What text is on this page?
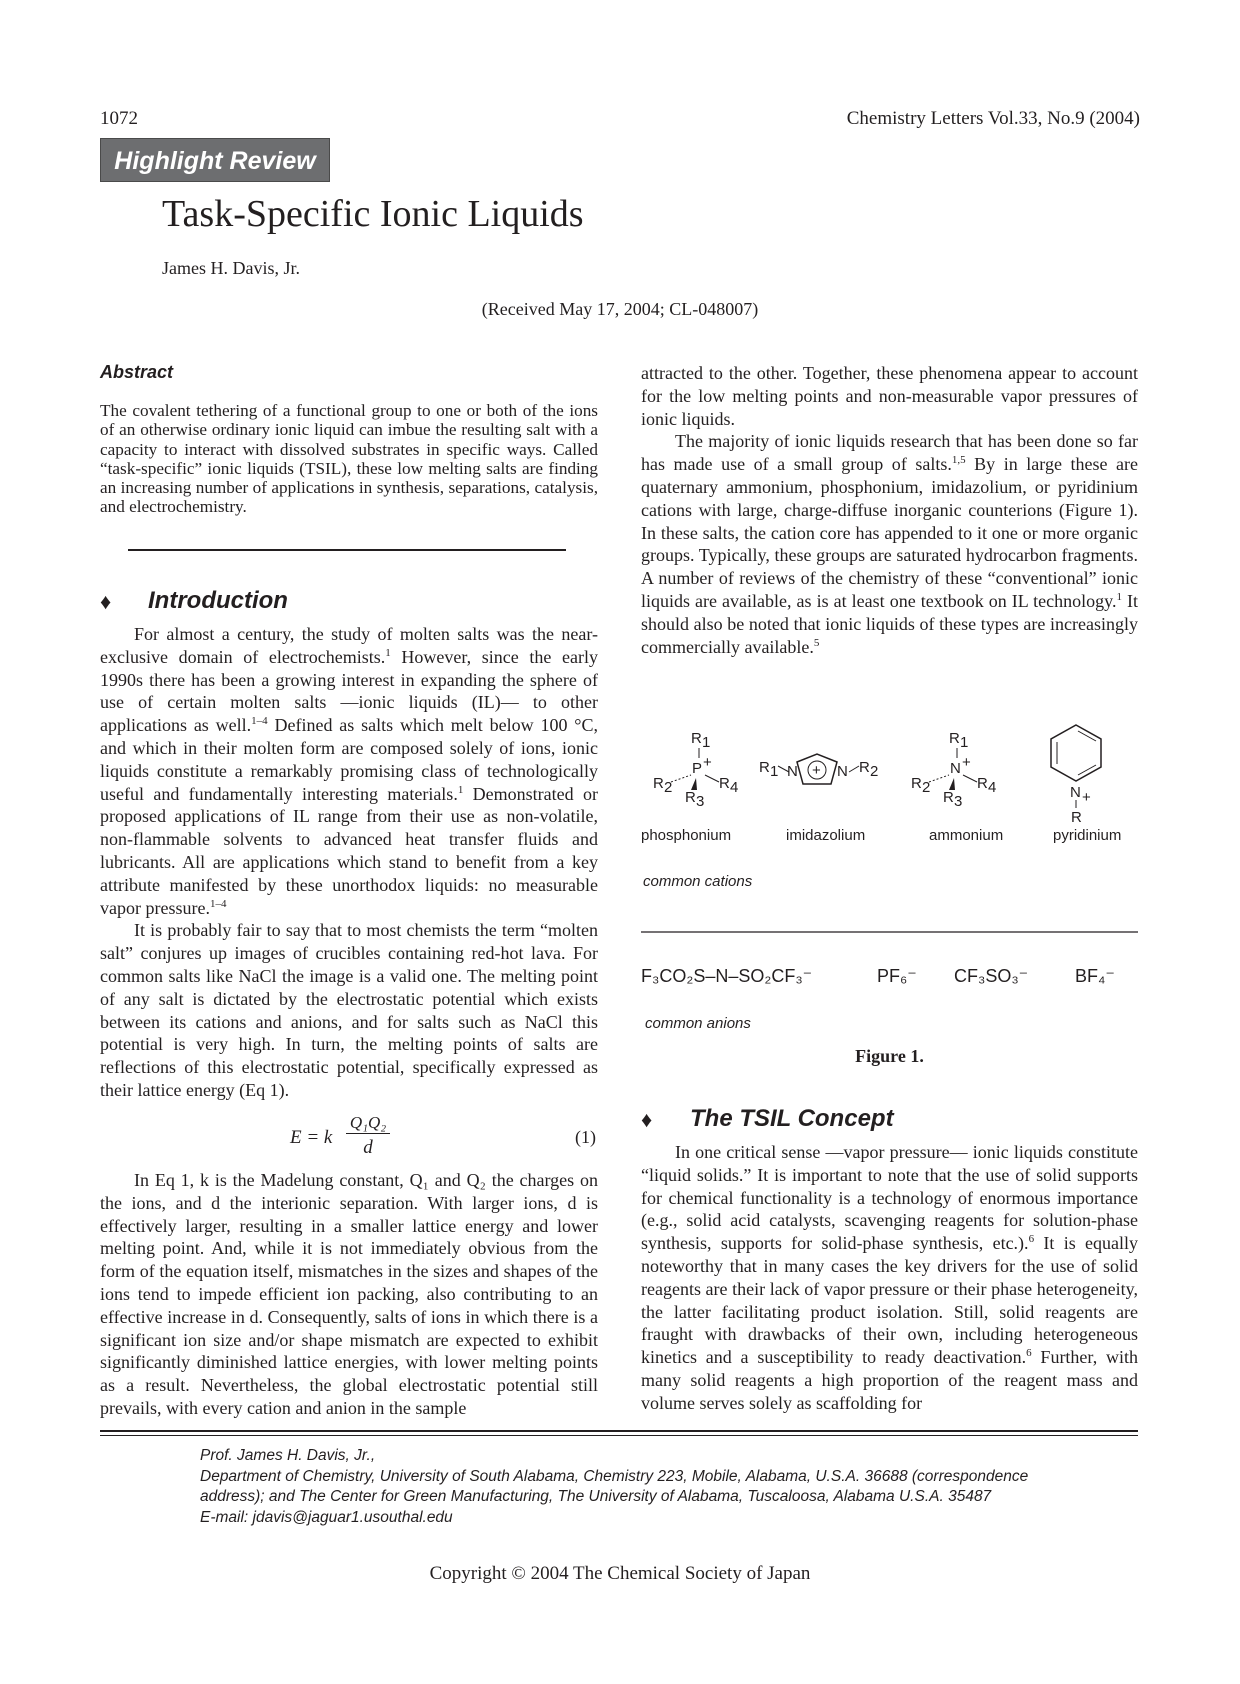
1072	Chemistry Letters Vol.33, No.9 (2004)
Highlight Review
Task-Specific Ionic Liquids
James H. Davis, Jr.
(Received May 17, 2004; CL-048007)
Abstract
The covalent tethering of a functional group to one or both of the ions of an otherwise ordinary ionic liquid can imbue the resulting salt with a capacity to interact with dissolved substrates in specific ways. Called “task-specific” ionic liquids (TSIL), these low melting salts are finding an increasing number of applications in synthesis, separations, catalysis, and electrochemistry.
♦ Introduction

For almost a century, the study of molten salts was the near-exclusive domain of electrochemists.$^1$ However, since the early 1990s there has been a growing interest in expanding the sphere of use of certain molten salts —ionic liquids (IL)— to other applications as well.$^{1-4}$ Defined as salts which melt below 100 °C, and which in their molten form are composed solely of ions, ionic liquids constitute a remarkably promising class of technologically useful and fundamentally interesting materials.$^1$ Demonstrated or proposed applications of IL range from their use as non-volatile, non-flammable solvents to advanced heat transfer fluids and lubricants. All are applications which stand to benefit from a key attribute manifested by these unorthodox liquids: no measurable vapor pressure.$^{1-4}$

It is probably fair to say that to most chemists the term “molten salt” conjures up images of crucibles containing red-hot lava. For common salts like NaCl the image is a valid one. The melting point of any salt is dictated by the electrostatic potential which exists between its cations and anions, and for salts such as NaCl this potential is very high. In turn, the melting points of salts are reflections of this electrostatic potential, specifically expressed as their lattice energy (Eq 1).

E = k
Q₁Q₂
d	(1)

In Eq 1, k is the Madelung constant, Q₁ and Q₂ the charges on the ions, and d the interionic separation. With larger ions, d is effectively larger, resulting in a smaller lattice energy and lower melting point. And, while it is not immediately obvious from the form of the equation itself, mismatches in the sizes and shapes of the ions tend to impede efficient ion packing, also contributing to an effective increase in d. Consequently, salts of ions in which there is a significant ion size and/or shape mismatch are expected to exhibit significantly diminished lattice energies, with lower melting points as a result. Nevertheless, the global electrostatic potential still prevails, with every cation and anion in the sample

attracted to the other. Together, these phenomena appear to account for the low melting points and non-measurable vapor pressures of ionic liquids.

The majority of ionic liquids research that has been done so far has made use of a small group of salts.$^{1,5}$ By in large these are quaternary ammonium, phosphonium, imidazolium, or pyridinium cations with large, charge-diffuse inorganic counterions (Figure 1). In these salts, the cation core has appended to it one or more organic groups. Typically, these groups are saturated hydrocarbon fragments. A number of reviews of the chemistry of these “conventional” ionic liquids are available, as is at least one textbook on IL technology.$^1$ It should also be noted that ionic liquids of these types are increasingly commercially available.$^5$

R 1
P +
R 2
R 3
R 4
R 1 +
N	N R 2
R 1
N +
R 2
R 3
R 4	N +
R
phosphonium	imidazolium	ammonium	pyridinium
common cations
F₃CO₂S–N–SO₂CF₃⁻	PF₆⁻ CF₃SO₃⁻	BF₄⁻
common anions
Figure 1.
♦ The TSIL Concept

In one critical sense —vapor pressure— ionic liquids constitute “liquid solids.” It is important to note that the use of solid supports for chemical functionality is a technology of enormous importance (e.g., solid acid catalysts, scavenging reagents for solution-phase synthesis, supports for solid-phase synthesis, etc.).$^6$ It is equally noteworthy that in many cases the key drivers for the use of solid reagents are their lack of vapor pressure or their phase heterogeneity, the latter facilitating product isolation. Still, solid reagents are fraught with drawbacks of their own, including heterogeneous kinetics and a susceptibility to ready deactivation.$^6$ Further, with many solid reagents a high proportion of the reagent mass and volume serves solely as scaffolding for

Prof. James H. Davis, Jr.,
Department of Chemistry, University of South Alabama, Chemistry 223, Mobile, Alabama, U.S.A. 36688 (correspondence address); and The Center for Green Manufacturing, The University of Alabama, Tuscaloosa, Alabama U.S.A. 35487
E-mail: jdavis@jaguar1.usouthal.edu
Copyright © 2004 The Chemical Society of Japan
